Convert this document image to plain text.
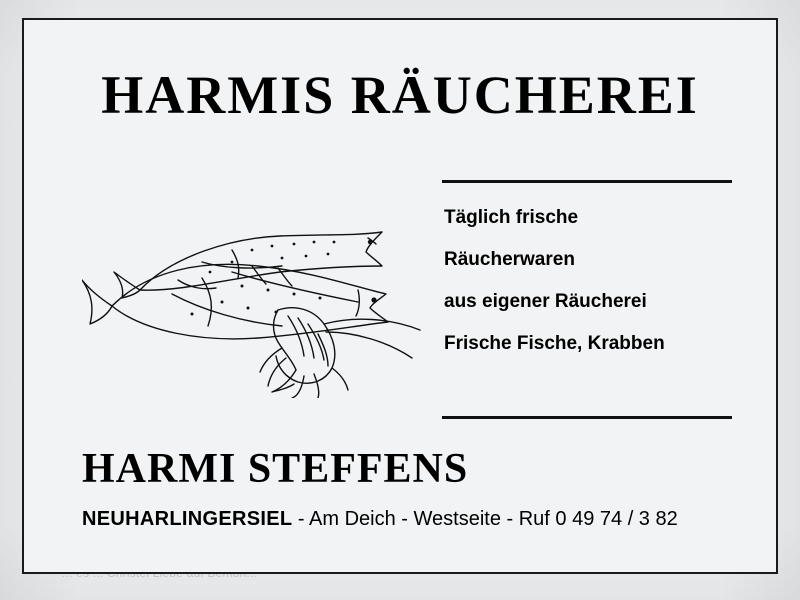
HARMIS RÄUCHEREI
Täglich frische
Räucherwaren
aus eigener Räucherei
Frische Fische, Krabben
HARMI STEFFENS
NEUHARLINGERSIEL - Am Deich - Westseite - Ruf 0 49 74 / 3 82
